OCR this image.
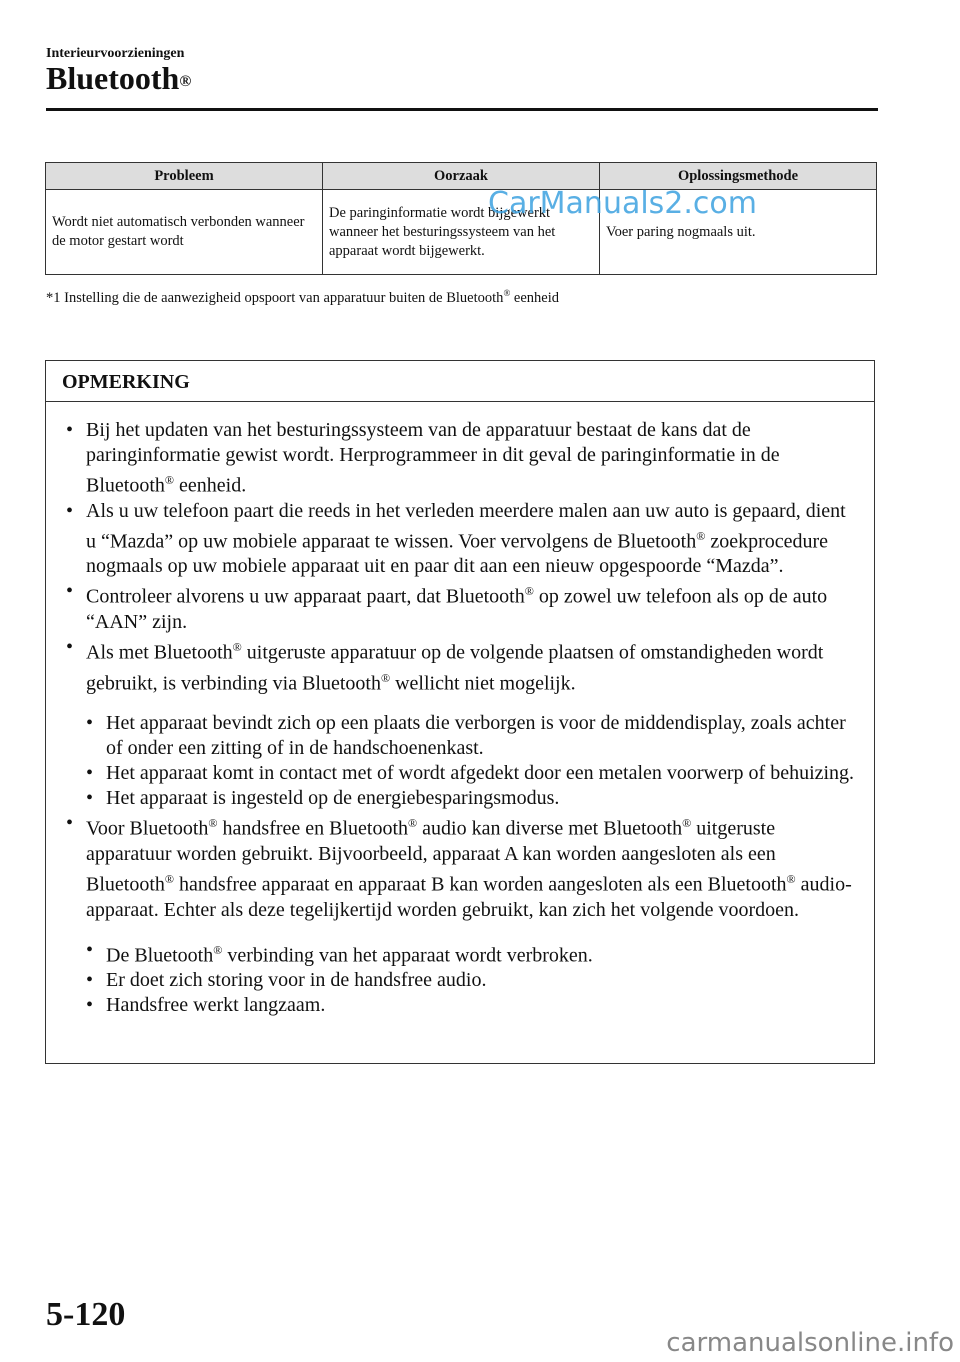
Interieurvoorzieningen
Bluetooth®
Probleem	Oorzaak	Oplossingsmethode
Wordt niet automatisch verbonden wanneer de motor gestart wordt	De paringinformatie wordt bijgewerkt wanneer het besturingssysteem van het apparaat wordt bijgewerkt.	Voer paring nogmaals uit.
CarManuals2.com
*1 Instelling die de aanwezigheid opspoort van apparatuur buiten de Bluetooth® eenheid
OPMERKING
• Bij het updaten van het besturingssysteem van de apparatuur bestaat de kans dat de paringinformatie gewist wordt. Herprogrammeer in dit geval de paringinformatie in de Bluetooth® eenheid.
• Als u uw telefoon paart die reeds in het verleden meerdere malen aan uw auto is gepaard, dient u “Mazda” op uw mobiele apparaat te wissen. Voer vervolgens de Bluetooth® zoekprocedure nogmaals op uw mobiele apparaat uit en paar dit aan een nieuw opgespoorde “Mazda”.
• Controleer alvorens u uw apparaat paart, dat Bluetooth® op zowel uw telefoon als op de auto “AAN” zijn.
• Als met Bluetooth® uitgeruste apparatuur op de volgende plaatsen of omstandigheden wordt gebruikt, is verbinding via Bluetooth® wellicht niet mogelijk.
• Het apparaat bevindt zich op een plaats die verborgen is voor de middendisplay, zoals achter of onder een zitting of in de handschoenenkast.
• Het apparaat komt in contact met of wordt afgedekt door een metalen voorwerp of behuizing.
• Het apparaat is ingesteld op de energiebesparingsmodus.
• Voor Bluetooth® handsfree en Bluetooth® audio kan diverse met Bluetooth® uitgeruste apparatuur worden gebruikt. Bijvoorbeeld, apparaat A kan worden aangesloten als een Bluetooth® handsfree apparaat en apparaat B kan worden aangesloten als een Bluetooth® audio-apparaat. Echter als deze tegelijkertijd worden gebruikt, kan zich het volgende voordoen.
• De Bluetooth® verbinding van het apparaat wordt verbroken.
• Er doet zich storing voor in de handsfree audio.
• Handsfree werkt langzaam.
5-120
carmanualsonline.info
